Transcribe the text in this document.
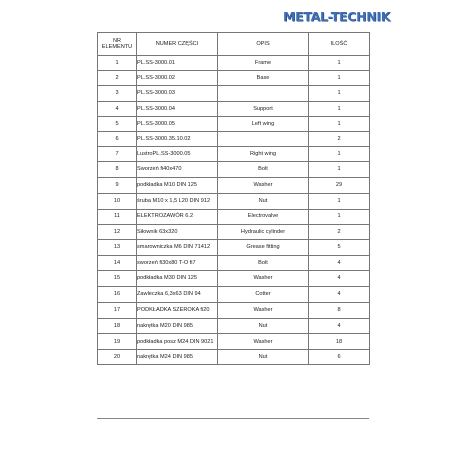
METAL-TECHNIK
NR ELEMENTU	NUMER CZĘŚCI	OPIS	ILOŚĆ
1	PL.SS-3000.01	Frame	1
2	PL.SS-3000.02	Base	1
3	PL.SS-3000.03		1
4	PL.SS-3000.04	Support	1
5	PL.SS-3000.05	Left wing	1
6	PL.SS-3000.35.10.02		2
7	LustroPL.SS-3000.05	Right wing	1
8	Sworzeń fi40x470	Bolt	1
9	podkładka M10 DIN 125	Washer	29
10	śruba M10 x 1,5 L20 DIN 912	Nut	1
11	ELEKTROZAWÓR 6.2	Electrovalve	1
12	Siłownik 63x320	Hydraulic cylinder	2
13	smarowniczka M6 DIN 71412	Grease fitting	5
14	sworzeń fi30x80 T-O fi7	Bolt	4
15	podkładka M30 DIN 125	Washer	4
16	Zawleczka 6,3x63 DIN 94	Cotter	4
17	PODKŁADKA SZEROKA fi20	Washer	8
18	nakrętka M20 DIN 985	Nut	4
19	podkładka posz M24 DIN 9021	Washer	18
20	nakrętka M24 DIN 985	Nut	6
